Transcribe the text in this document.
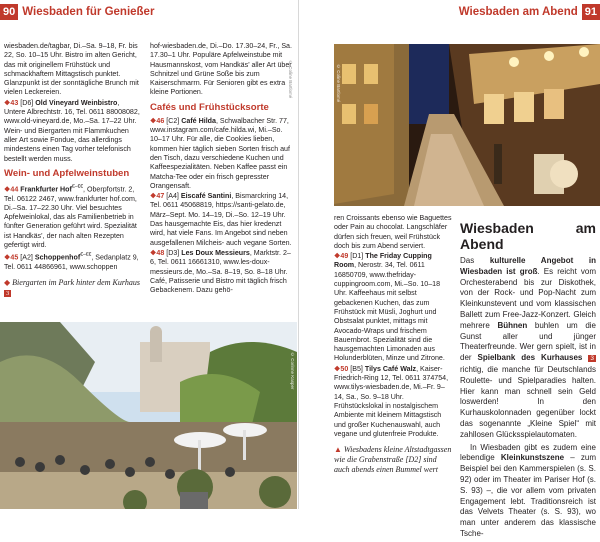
90 Wiesbaden für Genießer

wiesbaden.de/tagbar, Di.–Sa. 9–18, Fr. bis 22, So. 10–15 Uhr. Bistro im alten Gericht, das mit originellem Frühstück und schmackhaftem Mittagstisch punktet. Glanzpunkt ist der sonntägliche Brunch mit vielen Leckereien.

❖43 [D6] Old Vineyard Weinbistro, Untere Albrechtstr. 16, Tel. 0611 88008082, www.old-vineyard.de, Mo.–Sa. 17–22 Uhr. Wein- und Biergarten mit Flammkuchen aller Art sowie Fondue, das allerdings mindestens einen Tag vorher telefonisch bestellt werden muss.

Wein- und Apfelweinstuben

❖44 Frankfurter Hof€–€€, Oberpfortstr. 2, Tel. 06122 2467, www.frankfurter hof.com, Di.–Sa. 17–22.30 Uhr. Viel besuchtes Apfelweinlokal, das als Familienbetrieb in fünfter Generation geführt wird. Spezialität ist Handkäs’, der nach alten Rezepten gefertigt wird.

❖45 [A2] Schoppenhof€–€€, Sedanplatz 9, Tel. 0611 44866961, www.schoppen

◆ Biergarten im Park hinter dem Kurhaus 3

hof-wiesbaden.de, Di.–Do. 17.30–24, Fr., Sa. 17.30–1 Uhr. Populäre Apfelweinstube mit Hausmannskost, vom Handkäs’ aller Art über Schnitzel und Grüne Soße bis zum Kaiserschmarrn. Für Senioren gibt es extra kleine Portionen.

Cafés und Frühstücksorte

❖46 [C2] Café Hilda, Schwalbacher Str. 77, www.instagram.com/cafe.hilda.wi, Mi.–So. 10–17 Uhr. Für alle, die Cookies lieben, kommen hier täglich sieben Sorten frisch auf den Tisch, dazu verschiedene Kuchen und Kaffeespezialitäten. Neben Kaffee passt ein Matcha-Tee oder ein frisch gepresster Orangensaft.

❖47 [A4] Eiscafé Santini, Bismarckring 14, Tel. 0611 45068819, https://santi-gelato.de, März–Sept. Mo. 14–19, Di.–So. 12–19 Uhr. Das hausgemachte Eis, das hier kredenzt wird, hat viele Fans. Im Angebot sind neben ausgefallenen Milcheis- auch vegane Sorten.

❖48 [D3] Les Doux Messieurs, Marktstr. 2–6, Tel. 0611 16661310, www.les-doux-messieurs.de, Mo.–Sa. 8–19, So. 8–18 Uhr. Café, Patisserie und Bistro mit täglich frisch Gebackenem. Dazu gehö-

© Corinne Kasper
Wiesbaden am Abend 91
© Coline Bartlomé

ren Croissants ebenso wie Baguettes oder Pain au chocolat. Langschläfer dürfen sich freuen, weil Frühstück doch bis zum Abend serviert.

❖49 [D1] The Friday Cupping Room, Nerostr. 34, Tel. 0611 16850709, www.thefriday-cuppingroom.com, Mi.–So. 10–18 Uhr. Kaffeehaus mit selbst gebackenen Kuchen, das zum Frühstück mit Müsli, Joghurt und Obstsalat punktet, mittags mit Avocado-Wraps und frischem Bauernbrot. Spezialität sind die hausgemachten Limonaden aus Holunderblüten, Minze und Zitrone.

❖50 [B5] Tilys Café Walz, Kaiser-Friedrich-Ring 12, Tel. 0611 374754, www.tilys-wiesbaden.de, Mi.–Fr. 9–14, Sa., So. 9–18 Uhr. Frühstückslokal in nostalgischem Ambiente mit kleinem Mittagstisch und großer Kuchenauswahl, auch vegane und glutenfreie Produkte.

▲ Wiesbadens kleine Altstadtgassen wie die Grabenstraße [D2] sind auch abends einen Bummel wert
Wiesbaden am Abend

Das kulturelle Angebot in Wiesbaden ist groß. Es reicht vom Orchesterabend bis zur Diskothek, von der Rock- und Pop-Nacht zum Kleinkunstevent und vom klassischen Ballett zum Free-Jazz-Konzert. Gleich mehrere Bühnen buhlen um die Gunst aller und jünger Theaterfreunde. Wer gern spielt, ist in der Spielbank des Kurhauses 3 richtig, die manche für Deutschlands Roulette- und Spielparadies halten. Hier kann man schnell sein Geld loswerden! In den Kurhauskolonnaden gegenüber lockt das sogenannte „Kleine Spiel“ mit zahllosen Glücksspielautomaten.

In Wiesbaden gibt es zudem eine lebendige Kleinkunstszene – zum Beispiel bei den Kammerspielen (s. S. 92) oder im Theater im Pariser Hof (s. S. 93) –, die vor allem vom privaten Engagement lebt. Traditionsreich ist das Velvets Theater (s. S. 93), wo man unter anderem das klassische Tsche-

© Coline Bartlomé
